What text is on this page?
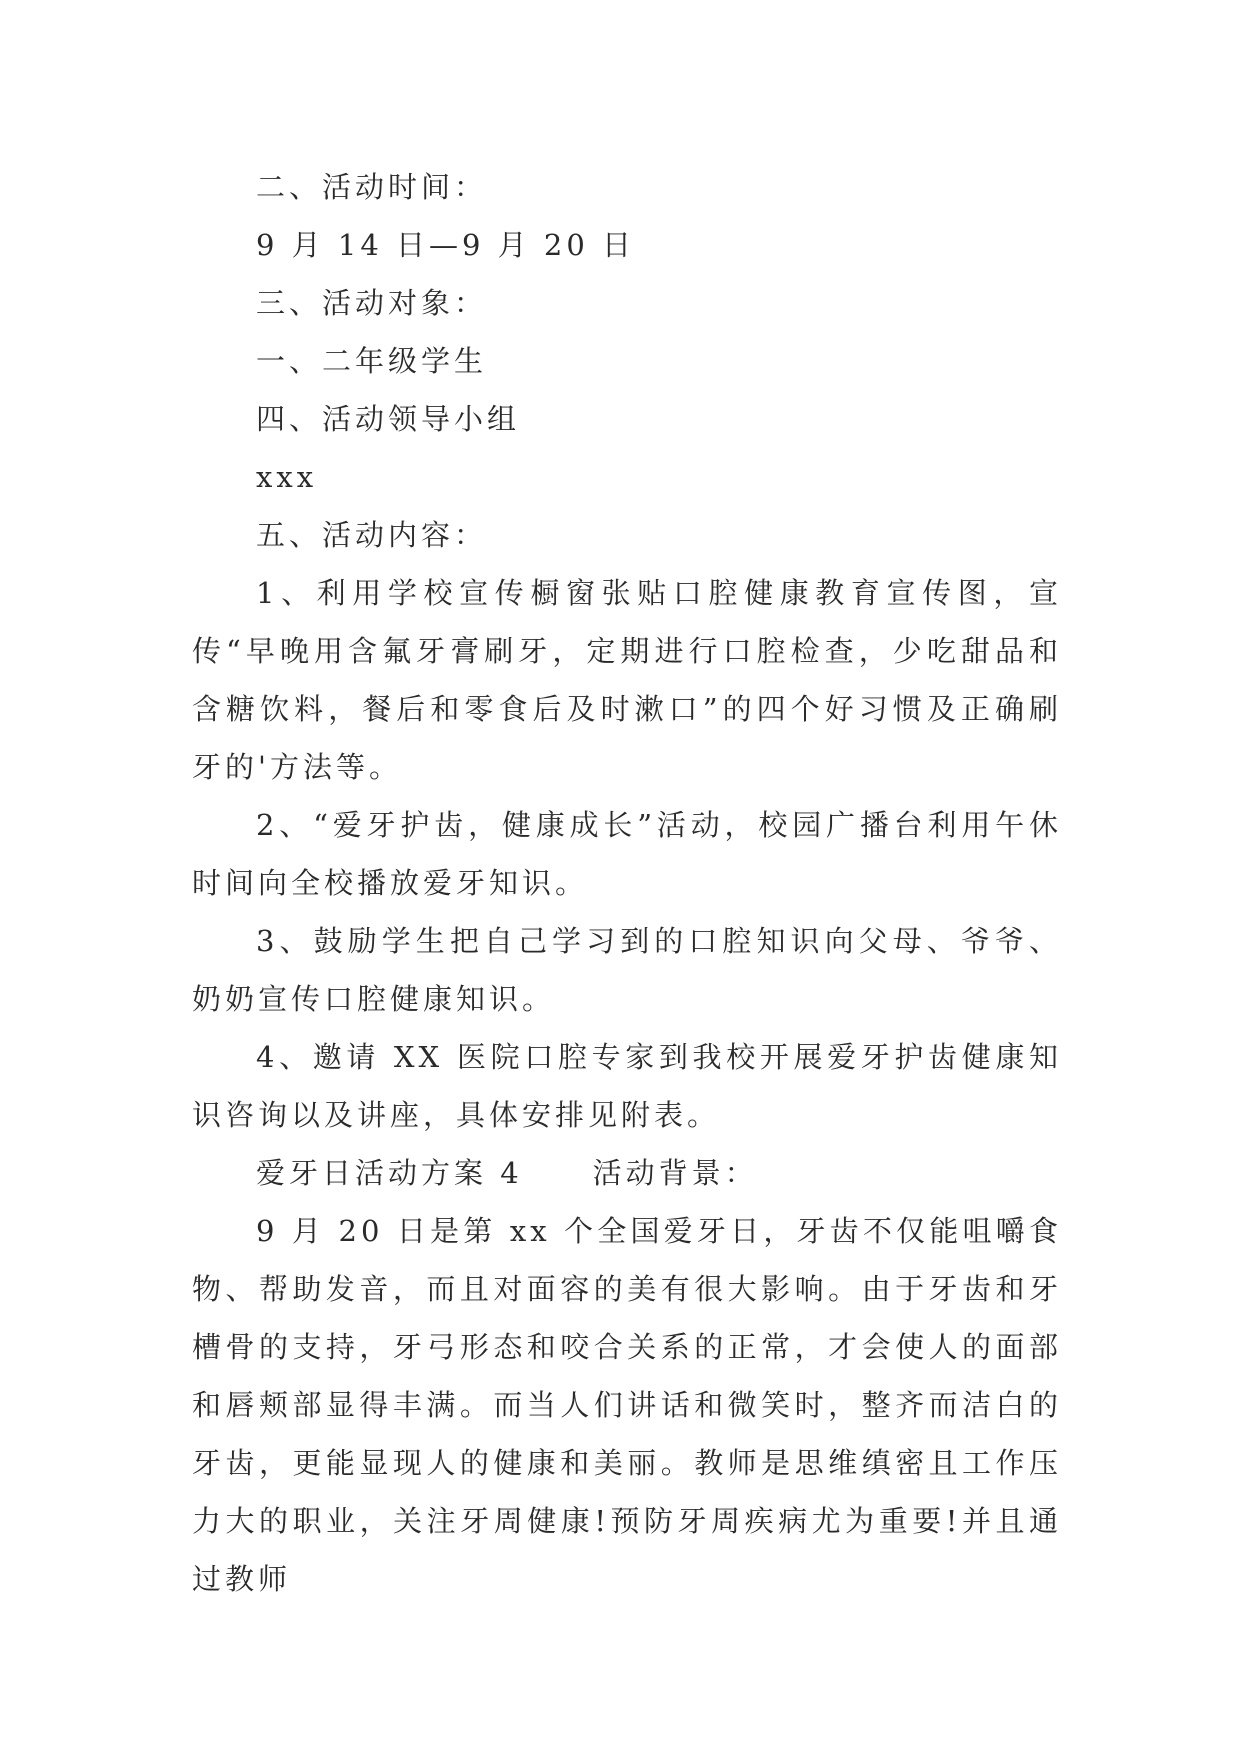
二、活动时间：

9 月 14 日—9 月 20 日

三、活动对象：

一、二年级学生

四、活动领导小组

xxx

五、活动内容：

1、利用学校宣传橱窗张贴口腔健康教育宣传图，宣传“早晚用含氟牙膏刷牙，定期进行口腔检查，少吃甜品和含糖饮料，餐后和零食后及时漱口”的四个好习惯及正确刷牙的'方法等。

2、“爱牙护齿，健康成长”活动，校园广播台利用午休时间向全校播放爱牙知识。

3、鼓励学生把自己学习到的口腔知识向父母、爷爷、奶奶宣传口腔健康知识。

4、邀请 XX 医院口腔专家到我校开展爱牙护齿健康知识咨询以及讲座，具体安排见附表。

爱牙日活动方案 4 活动背景：

9 月 20 日是第 xx 个全国爱牙日，牙齿不仅能咀嚼食物、帮助发音，而且对面容的美有很大影响。由于牙齿和牙槽骨的支持，牙弓形态和咬合关系的正常，才会使人的面部和唇颊部显得丰满。而当人们讲话和微笑时，整齐而洁白的牙齿，更能显现人的健康和美丽。教师是思维缜密且工作压力大的职业，关注牙周健康!预防牙周疾病尤为重要!并且通过教师
